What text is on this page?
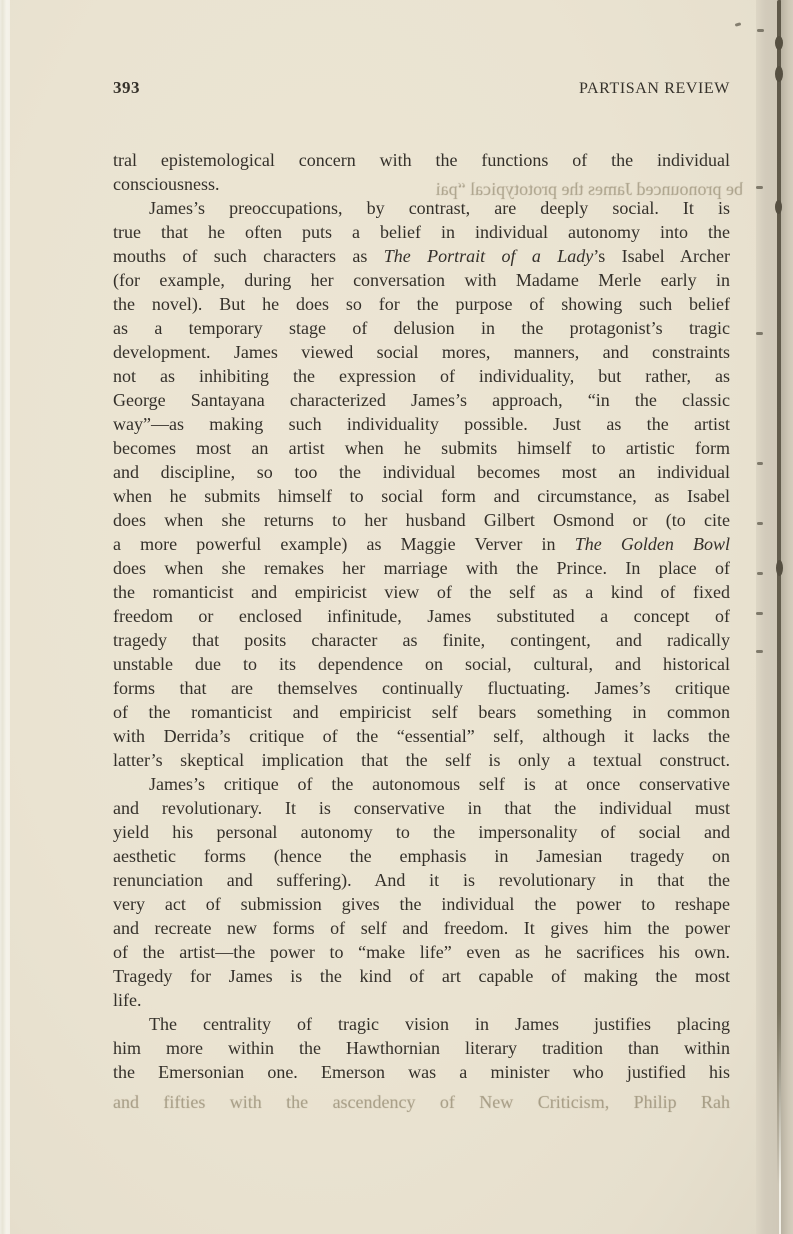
393	PARTISAN REVIEW
be pronounced James the prototypical “pai
tral epistemological concern with the functions of the individual
consciousness.
James’s preoccupations, by contrast, are deeply social. It is
true that he often puts a belief in individual autonomy into the
mouths of such characters as The Portrait of a Lady’s Isabel Archer
(for example, during her conversation with Madame Merle early in
the novel). But he does so for the purpose of showing such belief
as a temporary stage of delusion in the protagonist’s tragic
development. James viewed social mores, manners, and constraints
not as inhibiting the expression of individuality, but rather, as
George Santayana characterized James’s approach, “in the classic
way”—as making such individuality possible. Just as the artist
becomes most an artist when he submits himself to artistic form
and discipline, so too the individual becomes most an individual
when he submits himself to social form and circumstance, as Isabel
does when she returns to her husband Gilbert Osmond or (to cite
a more powerful example) as Maggie Verver in The Golden Bowl
does when she remakes her marriage with the Prince. In place of
the romanticist and empiricist view of the self as a kind of fixed
freedom or enclosed infinitude, James substituted a concept of
tragedy that posits character as finite, contingent, and radically
unstable due to its dependence on social, cultural, and historical
forms that are themselves continually fluctuating. James’s critique
of the romanticist and empiricist self bears something in common
with Derrida’s critique of the “essential” self, although it lacks the
latter’s skeptical implication that the self is only a textual construct.
James’s critique of the autonomous self is at once conservative
and revolutionary. It is conservative in that the individual must
yield his personal autonomy to the impersonality of social and
aesthetic forms (hence the emphasis in Jamesian tragedy on
renunciation and suffering). And it is revolutionary in that the
very act of submission gives the individual the power to reshape
and recreate new forms of self and freedom. It gives him the power
of the artist—the power to “make life” even as he sacrifices his own.
Tragedy for James is the kind of art capable of making the most
life.
The centrality of tragic vision in James  justifies placing
him more within the Hawthornian literary tradition than within
the Emersonian one. Emerson was a minister who justified his
and fifties with the ascendency of New Criticism, Philip Rah
